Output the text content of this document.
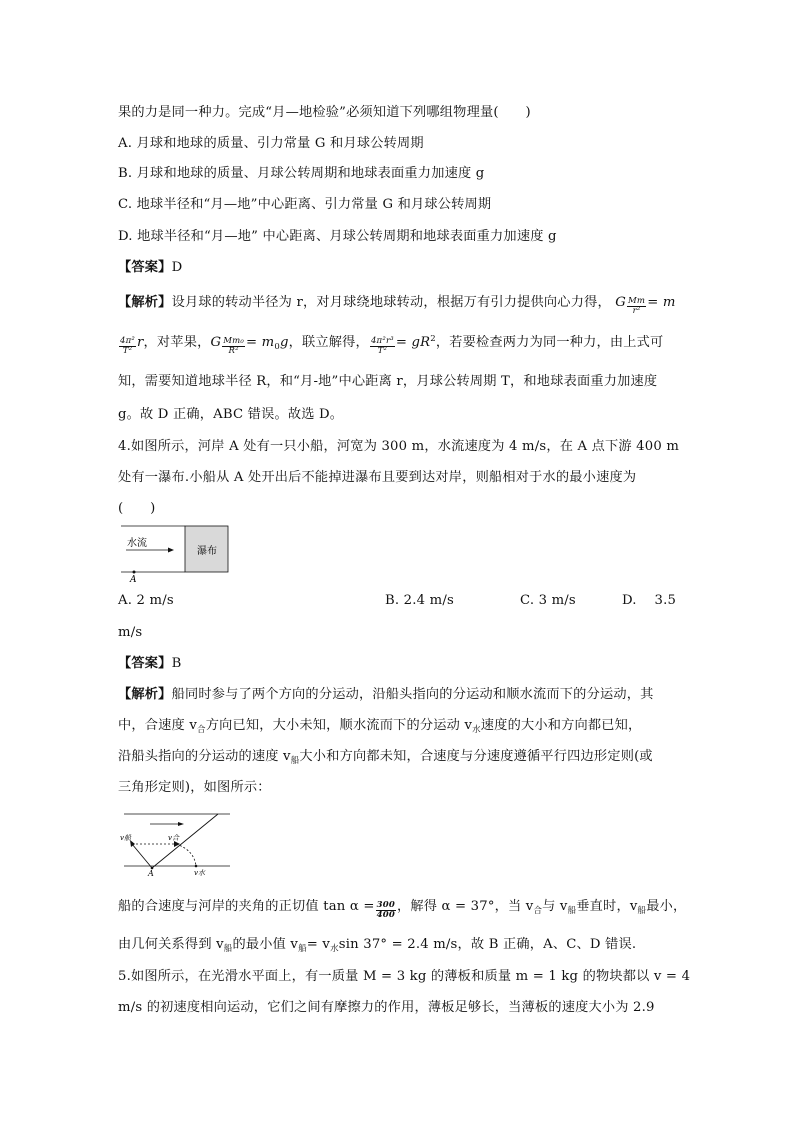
果的力是同一种力。完成“月—地检验”必须知道下列哪组物理量(　　)
A. 月球和地球的质量、引力常量 G 和月球公转周期
B. 月球和地球的质量、月球公转周期和地球表面重力加速度 g
C. 地球半径和“月—地”中心距离、引力常量 G 和月球公转周期
D. 地球半径和“月—地” 中心距离、月球公转周期和地球表面重力加速度 g
【答案】D
【解析】设月球的转动半径为 r，对月球绕地球转动，根据万有引力提供向心力得， G $\frac{Mm}{\text{r²}} = m$
$\frac{\text{4π²}}{\text{T²}}$ r，对苹果，G $\frac{\text{Mm₀}}{\text{R²}} = m_0g$，联立解得， $\frac{\text{4π²r³}}{\text{T²}} = gR^2$，若要检查两力为同一种力，由上式可
知，需要知道地球半径 R，和“月-地”中心距离 r，月球公转周期 T，和地球表面重力加速度
g。故 D 正确，ABC 错误。故选 D。
4.如图所示，河岸 A 处有一只小船，河宽为 300 m，水流速度为 4 m/s，在 A 点下游 400 m
处有一瀑布.小船从 A 处开出后不能掉进瀑布且要到达对岸，则船相对于水的最小速度为
(　　)
水流
瀑布
A
A. 2 m/s	B. 2.4 m/s	C. 3 m/s	D.　 3.5
m/s
【答案】B
【解析】船同时参与了两个方向的分运动，沿船头指向的分运动和顺水流而下的分运动，其
中，合速度 $v_合$方向已知，大小未知，顺水流而下的分运动 $v_水$速度的大小和方向都已知，
沿船头指向的分运动的速度 $v_船$大小和方向都未知，合速度与分速度遵循平行四边形定则(或
三角形定则)，如图所示：
v船	v合
v水
A
船的合速度与河岸的夹角的正切值 $\tan \alpha = \frac{300}{400}$ ，解得 α = 37°，当 $v_合$与 $v_船$垂直时，$v_船$最小，
由几何关系得到 $v_船$的最小值 $v_船= v_水\sin$ 37° = 2.4 m/s，故 B 正确，A、C、D 错误.
5.如图所示，在光滑水平面上，有一质量 M = 3 kg 的薄板和质量 m = 1 kg 的物块都以 v = 4
m/s 的初速度相向运动，它们之间有摩擦力的作用，薄板足够长，当薄板的速度大小为 2.9
